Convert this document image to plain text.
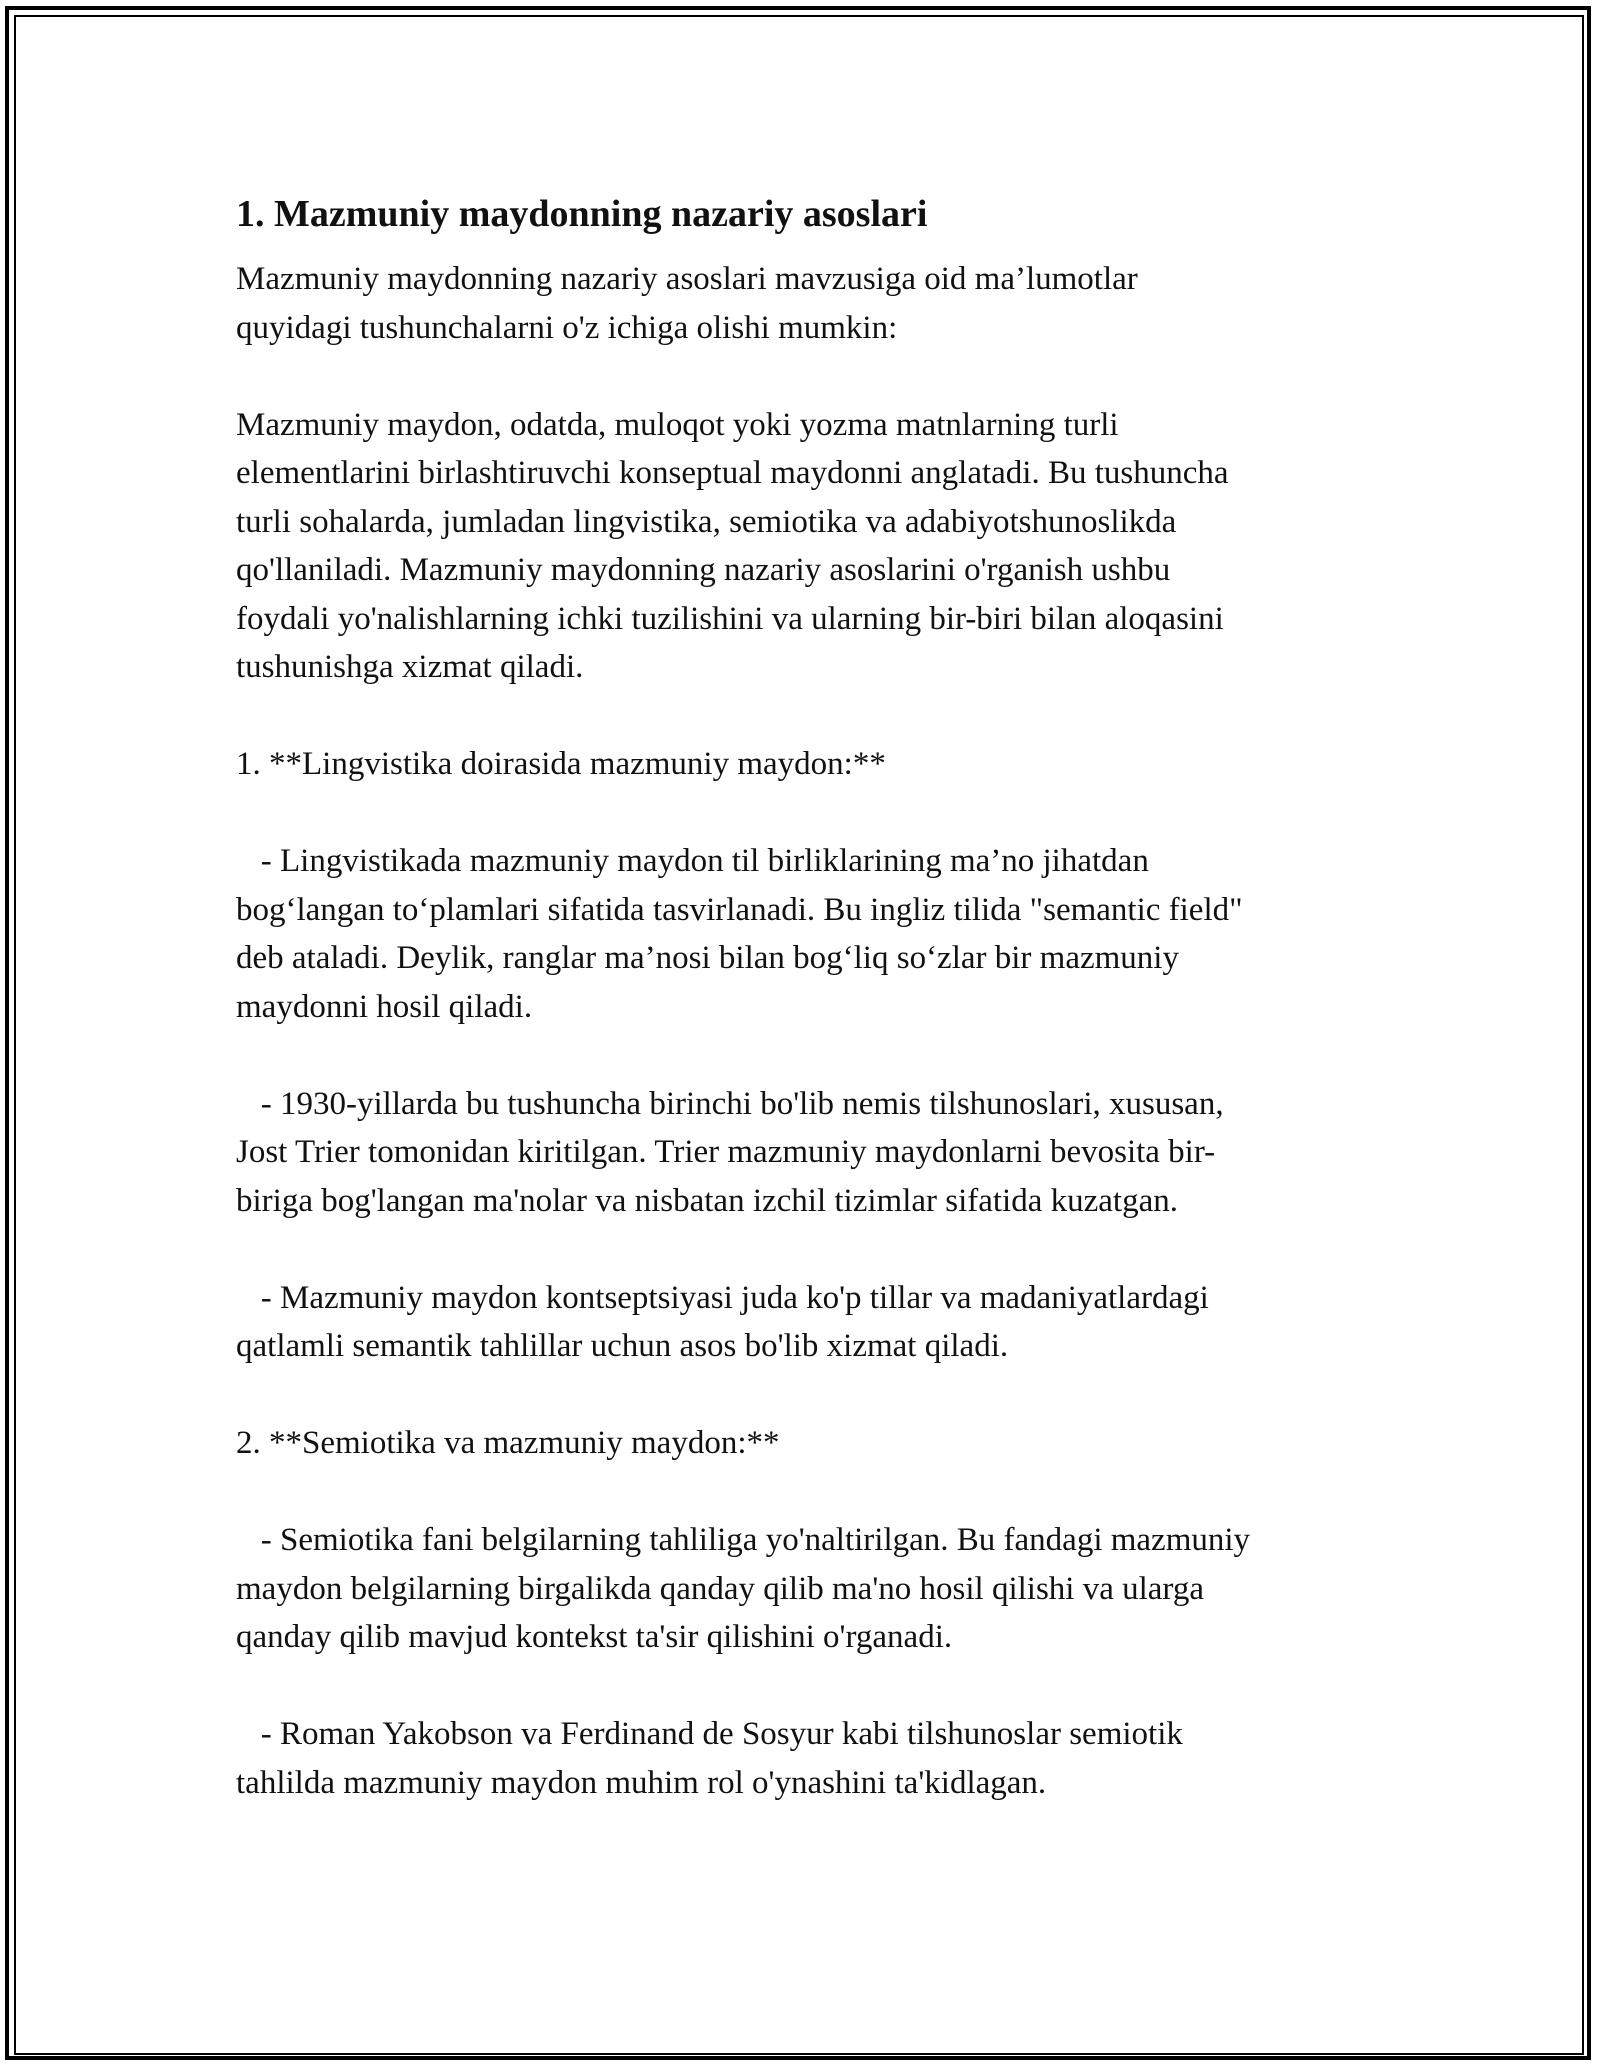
1. Mazmuniy maydonning nazariy asoslari

Mazmuniy maydonning nazariy asoslari mavzusiga oid ma’lumotlar
quyidagi tushunchalarni o'z ichiga olishi mumkin:

Mazmuniy maydon, odatda, muloqot yoki yozma matnlarning turli
elementlarini birlashtiruvchi konseptual maydonni anglatadi. Bu tushuncha
turli sohalarda, jumladan lingvistika, semiotika va adabiyotshunoslikda
qo'llaniladi. Mazmuniy maydonning nazariy asoslarini o'rganish ushbu
foydali yo'nalishlarning ichki tuzilishini va ularning bir-biri bilan aloqasini
tushunishga xizmat qiladi.

1. **Lingvistika doirasida mazmuniy maydon:**

- Lingvistikada mazmuniy maydon til birliklarining ma’no jihatdan
bog‘langan to‘plamlari sifatida tasvirlanadi. Bu ingliz tilida "semantic field"
deb ataladi. Deylik, ranglar ma’nosi bilan bog‘liq so‘zlar bir mazmuniy
maydonni hosil qiladi.

- 1930-yillarda bu tushuncha birinchi bo'lib nemis tilshunoslari, xususan,
Jost Trier tomonidan kiritilgan. Trier mazmuniy maydonlarni bevosita bir-
biriga bog'langan ma'nolar va nisbatan izchil tizimlar sifatida kuzatgan.

- Mazmuniy maydon kontseptsiyasi juda ko'p tillar va madaniyatlardagi
qatlamli semantik tahlillar uchun asos bo'lib xizmat qiladi.

2. **Semiotika va mazmuniy maydon:**

- Semiotika fani belgilarning tahliliga yo'naltirilgan. Bu fandagi mazmuniy
maydon belgilarning birgalikda qanday qilib ma'no hosil qilishi va ularga
qanday qilib mavjud kontekst ta'sir qilishini o'rganadi.

- Roman Yakobson va Ferdinand de Sosyur kabi tilshunoslar semiotik
tahlilda mazmuniy maydon muhim rol o'ynashini ta'kidlagan.
